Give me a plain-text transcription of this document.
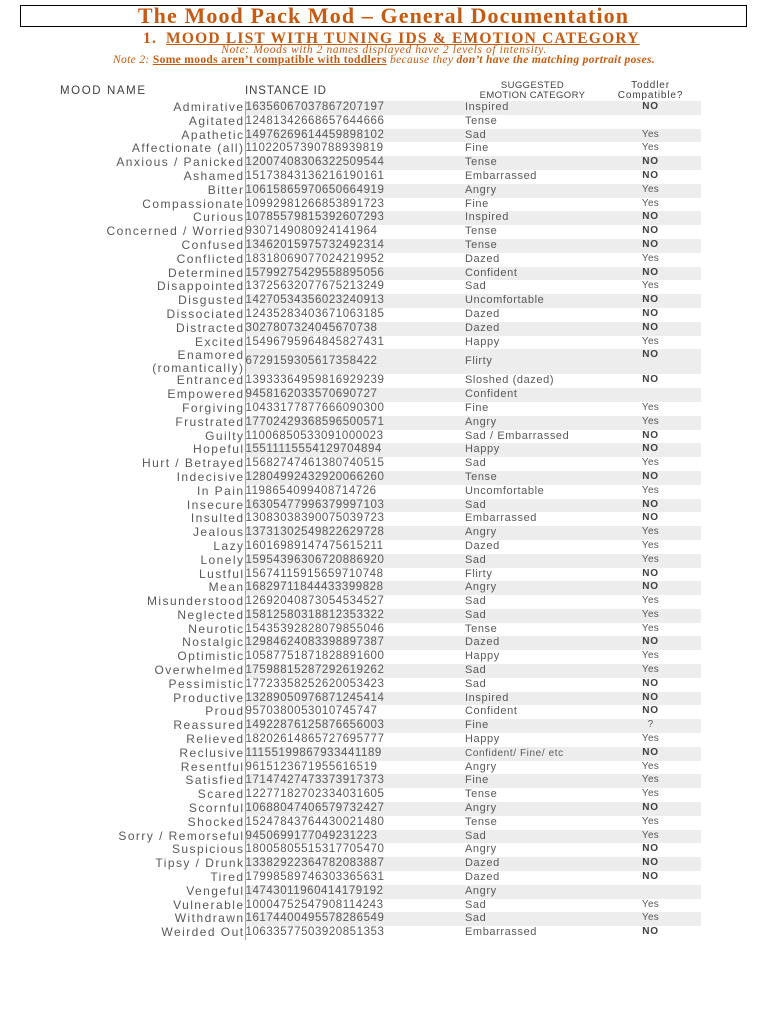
The Mood Pack Mod – General Documentation
1. MOOD LIST WITH TUNING IDS & EMOTION CATEGORY
Note: Moods with 2 names displayed have 2 levels of intensity.
Note 2: Some moods aren’t compatible with toddlers because they don’t have the matching portrait poses.
MOOD NAME	INSTANCE ID	SUGGESTED
EMOTION CATEGORY	Toddler
Compatible?

Admirative	16356067037867207197	Inspired	NO
Agitated	12481342668657644666	Tense	
Apathetic	14976269614459898102	Sad	Yes
Affectionate (all)	11022057390788939819	Fine	Yes
Anxious / Panicked	12007408306322509544	Tense	NO
Ashamed	15173843136216190161	Embarrassed	NO
Bitter	10615865970650664919	Angry	Yes
Compassionate	10992981266853891723	Fine	Yes
Curious	10785579815392607293	Inspired	NO
Concerned / Worried	9307149080924141964	Tense	NO
Confused	13462015975732492314	Tense	NO
Conflicted	18318069077024219952	Dazed	Yes
Determined	15799275429558895056	Confident	NO
Disappointed	13725632077675213249	Sad	Yes
Disgusted	14270534356023240913	Uncomfortable	NO
Dissociated	12435283403671063185	Dazed	NO
Distracted	3027807324045670738	Dazed	NO
Excited	15496795964845827431	Happy	Yes
Enamored
(romantically)	6729159305617358422	Flirty	NO
Entranced	13933364959816929239	Sloshed (dazed)	NO
Empowered	9458162033570690727	Confident	
Forgiving	10433177877666090300	Fine	Yes
Frustrated	17702429368596500571	Angry	Yes
Guilty	11006850533091000023	Sad / Embarrassed	NO
Hopeful	15511115554129704894	Happy	NO
Hurt / Betrayed	15682747461380740515	Sad	Yes
Indecisive	12804992432920066260	Tense	NO
In Pain	1198654099408714726	Uncomfortable	Yes
Insecure	16305477996379997103	Sad	NO
Insulted	13083038390075039723	Embarrassed	NO
Jealous	13731302549822629728	Angry	Yes
Lazy	16016989147475615211	Dazed	Yes
Lonely	15954396306720886920	Sad	Yes
Lustful	15674115915659710748	Flirty	NO
Mean	16829711844433399828	Angry	NO
Misunderstood	12692040873054534527	Sad	Yes
Neglected	15812580318812353322	Sad	Yes
Neurotic	15435392828079855046	Tense	Yes
Nostalgic	12984624083398897387	Dazed	NO
Optimistic	10587751871828891600	Happy	Yes
Overwhelmed	17598815287292619262	Sad	Yes
Pessimistic	17723358252620053423	Sad	NO
Productive	13289050976871245414	Inspired	NO
Proud	9570380053010745747	Confident	NO
Reassured	14922876125876656003	Fine	?
Relieved	18202614865727695777	Happy	Yes
Reclusive	11155199867933441189	Confident/ Fine/ etc	NO
Resentful	9615123671955616519	Angry	Yes
Satisfied	17147427473373917373	Fine	Yes
Scared	12277182702334031605	Tense	Yes
Scornful	10688047406579732427	Angry	NO
Shocked	15247843764430021480	Tense	Yes
Sorry / Remorseful	9450699177049231223	Sad	Yes
Suspicious	18005805515317705470	Angry	NO
Tipsy / Drunk	13382922364782083887	Dazed	NO
Tired	17998589746303365631	Dazed	NO
Vengeful	14743011960414179192	Angry	
Vulnerable	10004752547908114243	Sad	Yes
Withdrawn	16174400495578286549	Sad	Yes
Weirded Out	10633577503920851353	Embarrassed	NO
